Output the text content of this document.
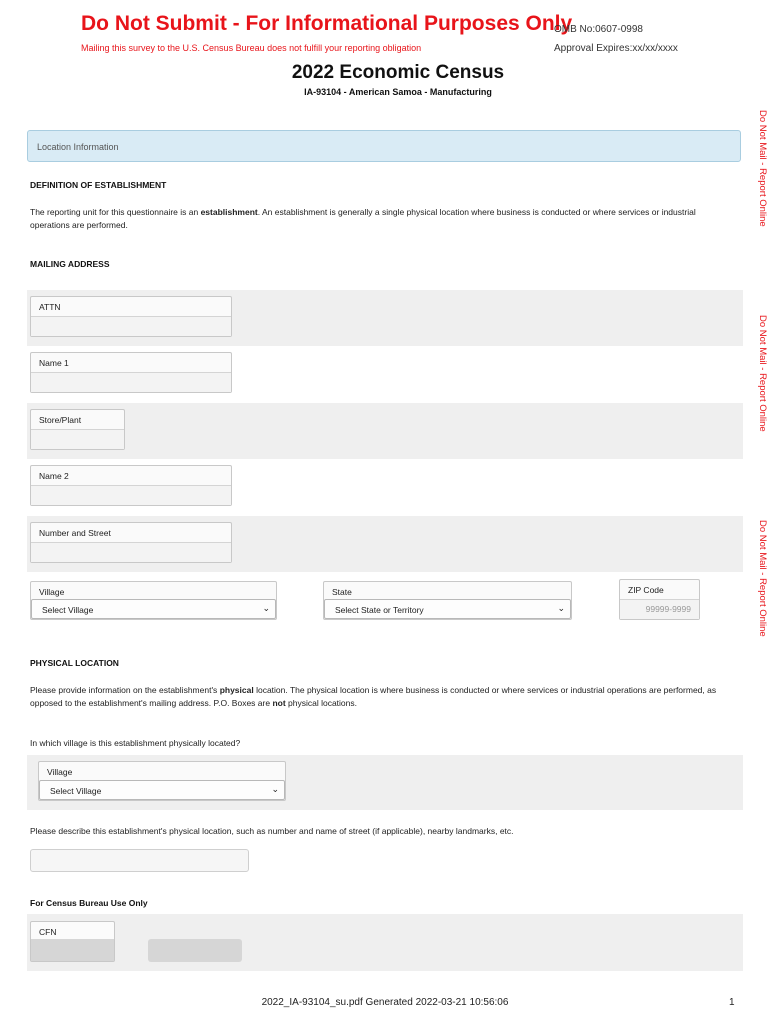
Do Not Submit - For Informational Purposes Only
Mailing this survey to the U.S. Census Bureau does not fulfill your reporting obligation
OMB No:0607-0998
Approval Expires:xx/xx/xxxx
2022 Economic Census
IA-93104 - American Samoa - Manufacturing
Do Not Mail - Report Online
Do Not Mail - Report Online
Do Not Mail - Report Online
Location Information
DEFINITION OF ESTABLISHMENT
The reporting unit for this questionnaire is an establishment. An establishment is generally a single physical location where business is conducted or where services or industrial operations are performed.
MAILING ADDRESS
ATTN
Name 1
Store/Plant
Name 2
Number and Street
Village
Select Village	⌄
State
Select State or Territory	⌄
ZIP Code
99999-9999
PHYSICAL LOCATION
Please provide information on the establishment's physical location. The physical location is where business is conducted or where services or industrial operations are performed, as opposed to the establishment's mailing address. P.O. Boxes are not physical locations.
In which village is this establishment physically located?
Village
Select Village	⌄
Please describe this establishment's physical location, such as number and name of street (if applicable), nearby landmarks, etc.
For Census Bureau Use Only
CFN
2022_IA-93104_su.pdf Generated 2022-03-21 10:56:06	1
